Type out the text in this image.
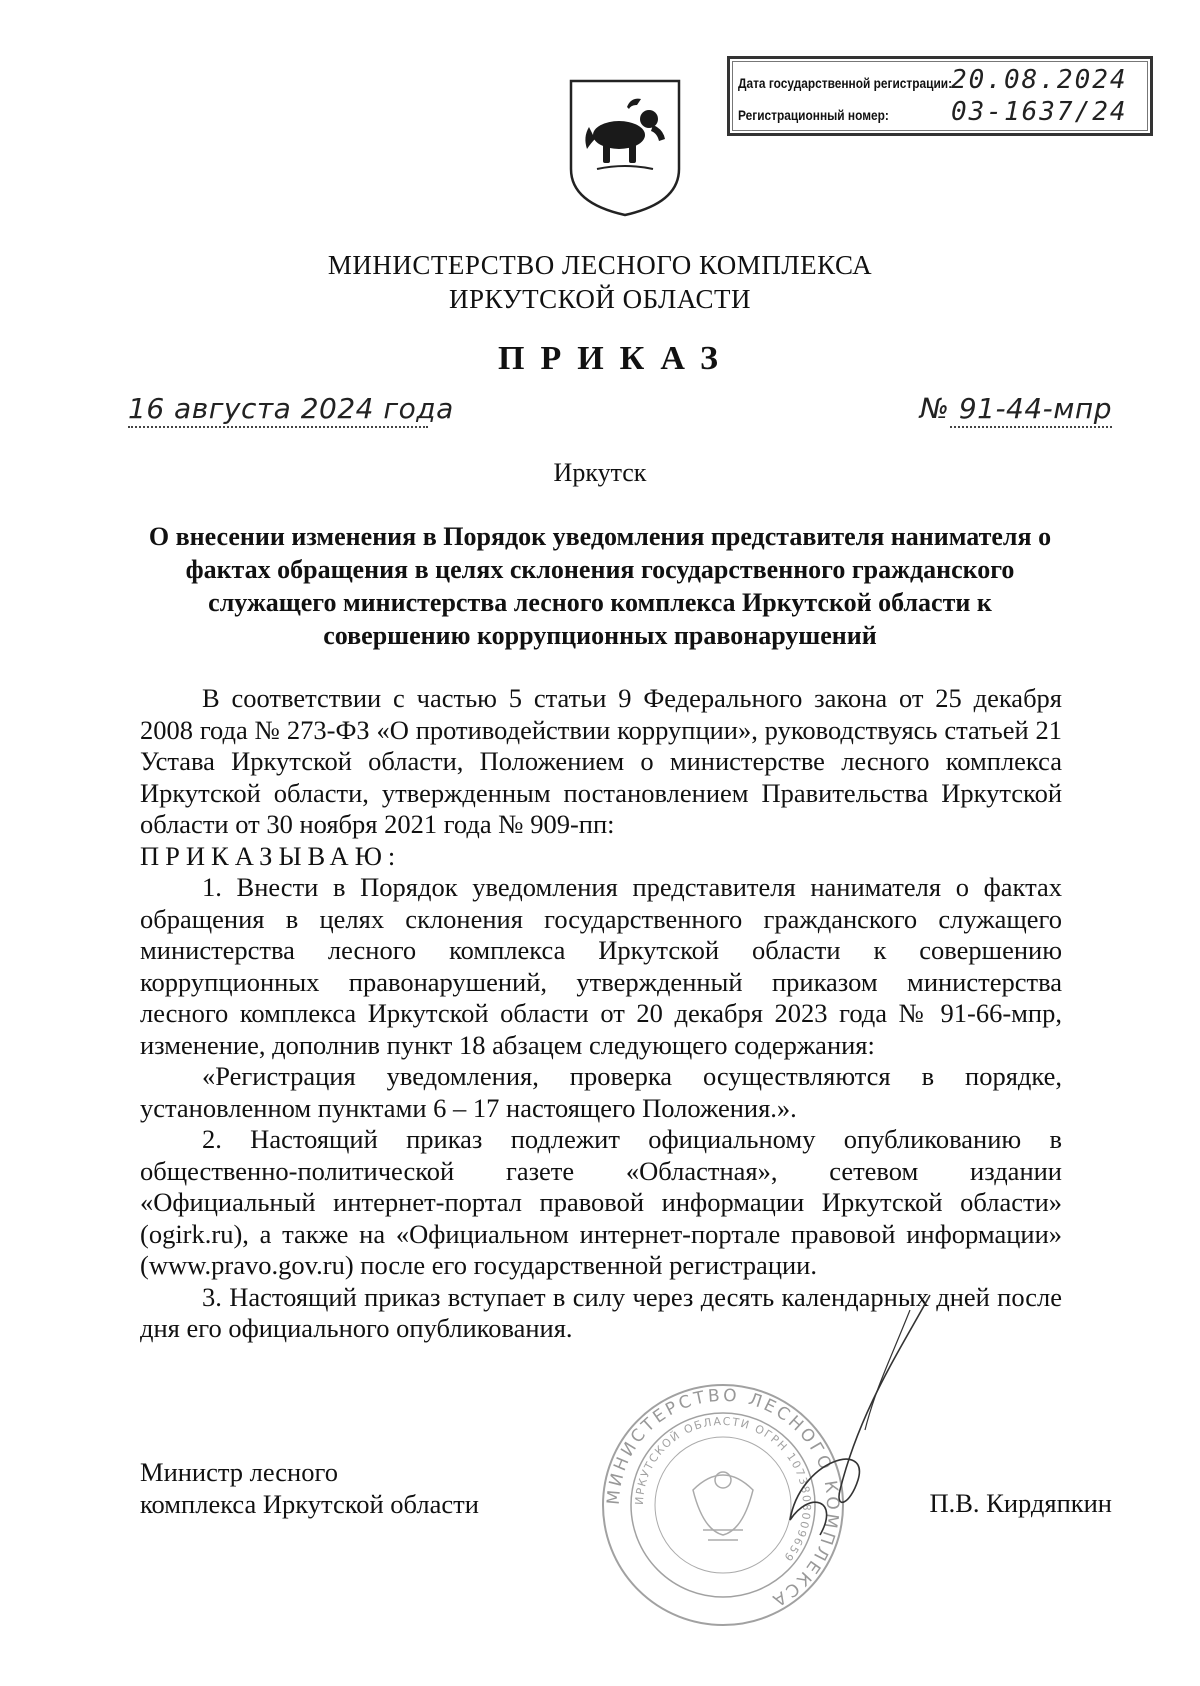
Дата государственной регистрации:
20.08.2024
Регистрационный номер:	03-1637/24
МИНИСТЕРСТВО ЛЕСНОГО КОМПЛЕКСА
ИРКУТСКОЙ ОБЛАСТИ
ПРИКАЗ
16 августа 2024 года	№ 91-44-мпр
Иркутск
О внесении изменения в Порядок уведомления представителя нанимателя о фактах обращения в целях склонения государственного гражданского служащего министерства лесного комплекса Иркутской области к совершению коррупционных правонарушений

В соответствии с частью 5 статьи 9 Федерального закона от 25 декабря 2008 года № 273-ФЗ «О противодействии коррупции», руководствуясь статьей 21 Устава Иркутской области, Положением о министерстве лесного комплекса Иркутской области, утвержденным постановлением Правительства Иркутской области от 30 ноября 2021 года № 909-пп:

ПРИКАЗЫВАЮ:

1. Внести в Порядок уведомления представителя нанимателя о фактах обращения в целях склонения государственного гражданского служащего министерства лесного комплекса Иркутской области к совершению коррупционных правонарушений, утвержденный приказом министерства лесного комплекса Иркутской области от 20 декабря 2023 года № 91-66-мпр, изменение, дополнив пункт 18 абзацем следующего содержания:

«Регистрация уведомления, проверка осуществляются в порядке, установленном пунктами 6 – 17 настоящего Положения.».

2. Настоящий приказ подлежит официальному опубликованию в общественно-политической газете «Областная», сетевом издании «Официальный интернет-портал правовой информации Иркутской области» (ogirk.ru), а также на «Официальном интернет-портале правовой информации» (www.pravo.gov.ru) после его государственной регистрации.

3. Настоящий приказ вступает в силу через десять календарных дней после дня его официального опубликования.

МИНИСТЕРСТВО ЛЕСНОГО КОМПЛЕКСА
ИРКУТСКОЙ ОБЛАСТИ ОГРН 1073808009659
Министр лесного
комплекса Иркутской области	П.В. Кирдяпкин
